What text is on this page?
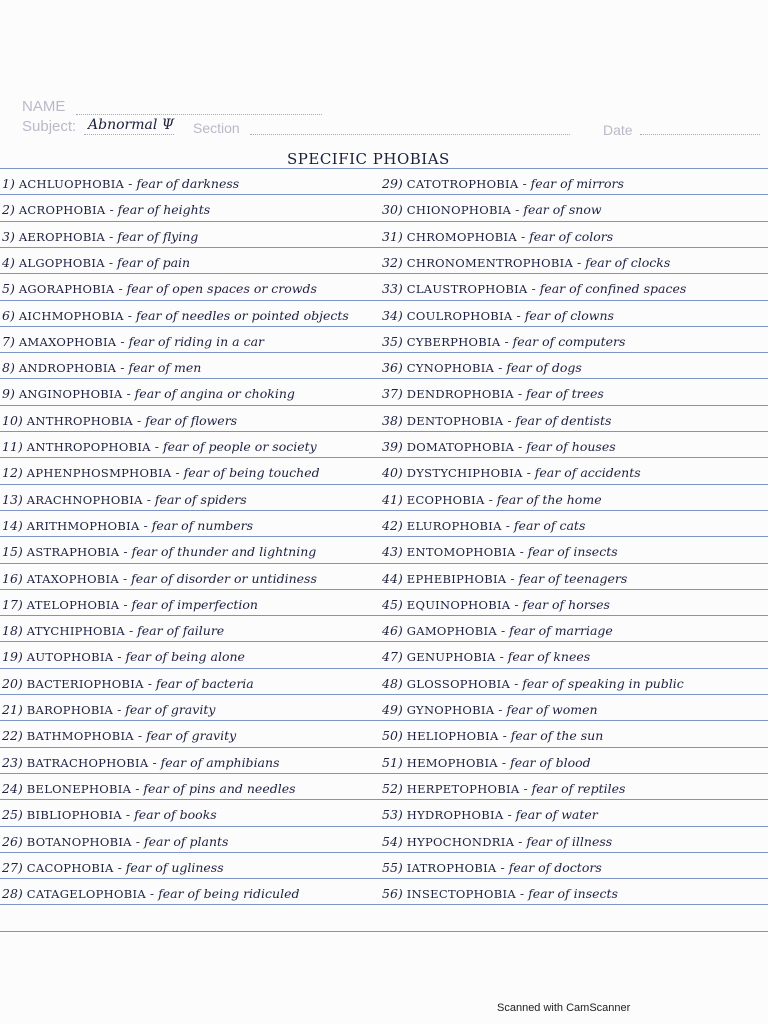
NAME
Subject: Abnormal Ψ Section	Date
SPECIFIC PHOBIAS
1) ACHLUOPHOBIA - fear of darkness
2) ACROPHOBIA - fear of heights
3) AEROPHOBIA - fear of flying
4) ALGOPHOBIA - fear of pain
5) AGORAPHOBIA - fear of open spaces or crowds
6) AICHMOPHOBIA - fear of needles or pointed objects
7) AMAXOPHOBIA - fear of riding in a car
8) ANDROPHOBIA - fear of men
9) ANGINOPHOBIA - fear of angina or choking
10) ANTHROPHOBIA - fear of flowers
11) ANTHROPOPHOBIA - fear of people or society
12) APHENPHOSMPHOBIA - fear of being touched
13) ARACHNOPHOBIA - fear of spiders
14) ARITHMOPHOBIA - fear of numbers
15) ASTRAPHOBIA - fear of thunder and lightning
16) ATAXOPHOBIA - fear of disorder or untidiness
17) ATELOPHOBIA - fear of imperfection
18) ATYCHIPHOBIA - fear of failure
19) AUTOPHOBIA - fear of being alone
20) BACTERIOPHOBIA - fear of bacteria
21) BAROPHOBIA - fear of gravity
22) BATHMOPHOBIA - fear of gravity
23) BATRACHOPHOBIA - fear of amphibians
24) BELONEPHOBIA - fear of pins and needles
25) BIBLIOPHOBIA - fear of books
26) BOTANOPHOBIA - fear of plants
27) CACOPHOBIA - fear of ugliness
28) CATAGELOPHOBIA - fear of being ridiculed
29) CATOTROPHOBIA - fear of mirrors
30) CHIONOPHOBIA - fear of snow
31) CHROMOPHOBIA - fear of colors
32) CHRONOMENTROPHOBIA - fear of clocks
33) CLAUSTROPHOBIA - fear of confined spaces
34) COULROPHOBIA - fear of clowns
35) CYBERPHOBIA - fear of computers
36) CYNOPHOBIA - fear of dogs
37) DENDROPHOBIA - fear of trees
38) DENTOPHOBIA - fear of dentists
39) DOMATOPHOBIA - fear of houses
40) DYSTYCHIPHOBIA - fear of accidents
41) ECOPHOBIA - fear of the home
42) ELUROPHOBIA - fear of cats
43) ENTOMOPHOBIA - fear of insects
44) EPHEBIPHOBIA - fear of teenagers
45) EQUINOPHOBIA - fear of horses
46) GAMOPHOBIA - fear of marriage
47) GENUPHOBIA - fear of knees
48) GLOSSOPHOBIA - fear of speaking in public
49) GYNOPHOBIA - fear of women
50) HELIOPHOBIA - fear of the sun
51) HEMOPHOBIA - fear of blood
52) HERPETOPHOBIA - fear of reptiles
53) HYDROPHOBIA - fear of water
54) HYPOCHONDRIA - fear of illness
55) IATROPHOBIA - fear of doctors
56) INSECTOPHOBIA - fear of insects
Scanned with CamScanner
